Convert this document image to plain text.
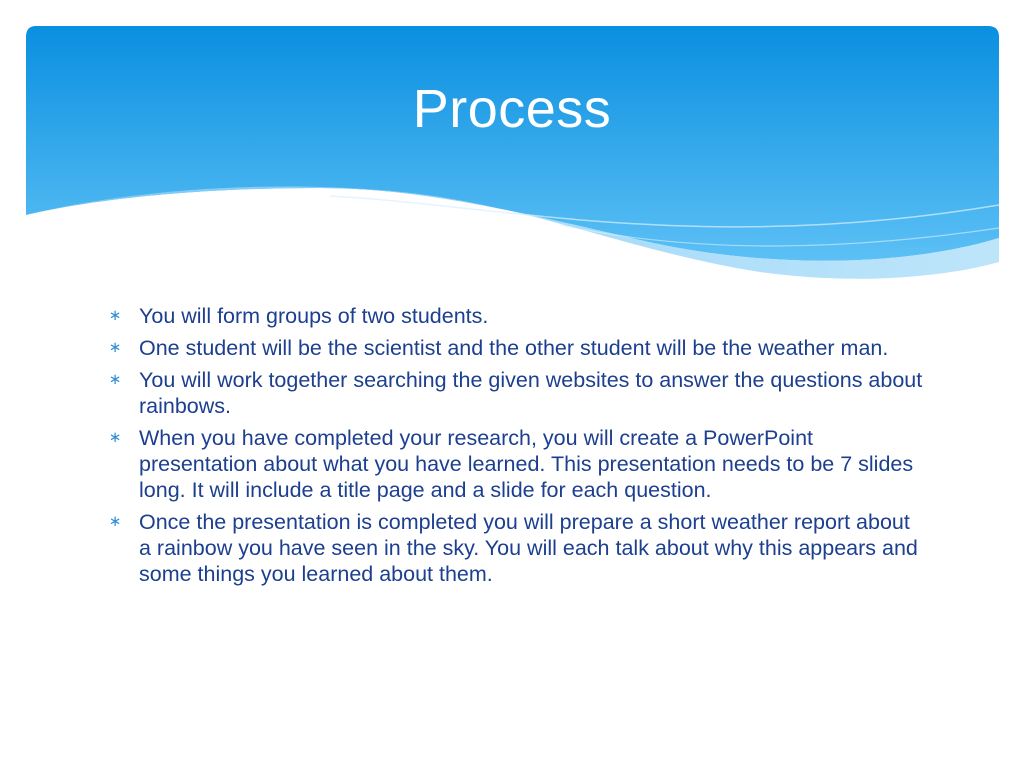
Process
∗ You will form groups of two students.
∗ One student will be the scientist and the other student will be the weather man.
∗ You will work together searching the given websites to answer the questions about rainbows.
∗ When you have completed your research, you will create a PowerPoint presentation about what you have learned. This presentation needs to be 7 slides long. It will include a title page and a slide for each question.
∗ Once the presentation is completed you will prepare a short weather report about a rainbow you have seen in the sky. You will each talk about why this appears and some things you learned about them.
